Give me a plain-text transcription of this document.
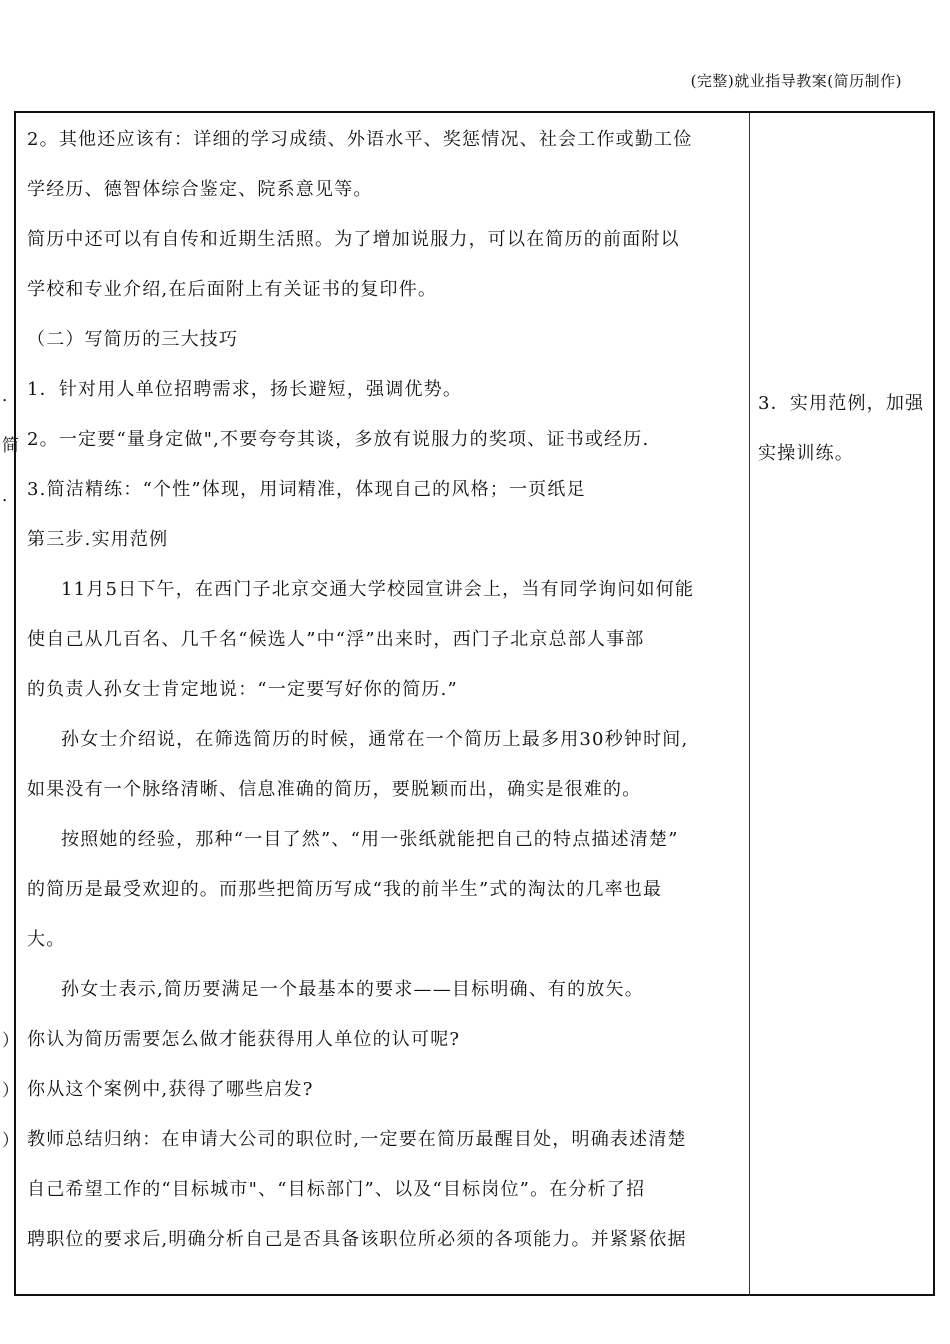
(完整)就业指导教案(简历制作)
．
简
．
）
）
）
2。其他还应该有：详细的学习成绩、外语水平、奖惩情况、社会工作或勤工俭
学经历、德智体综合鉴定、院系意见等。
简历中还可以有自传和近期生活照。为了增加说服力，可以在简历的前面附以
学校和专业介绍,在后面附上有关证书的复印件。
（二）写简历的三大技巧
1．针对用人单位招聘需求，扬长避短，强调优势。
2。一定要“量身定做",不要夸夸其谈，多放有说服力的奖项、证书或经历.
3.简洁精练：“个性”体现，用词精准，体现自己的风格；一页纸足
第三步.实用范例
11月5日下午，在西门子北京交通大学校园宣讲会上，当有同学询问如何能
使自己从几百名、几千名“候选人”中“浮”出来时，西门子北京总部人事部
的负责人孙女士肯定地说：“一定要写好你的简历.”
孙女士介绍说，在筛选简历的时候，通常在一个简历上最多用30秒钟时间,
如果没有一个脉络清晰、信息准确的简历，要脱颖而出，确实是很难的。
按照她的经验，那种“一目了然”、“用一张纸就能把自己的特点描述清楚”
的简历是最受欢迎的。而那些把简历写成“我的前半生”式的淘汰的几率也最
大。
孙女士表示,简历要满足一个最基本的要求——目标明确、有的放矢。
你认为简历需要怎么做才能获得用人单位的认可呢?
你从这个案例中,获得了哪些启发?
教师总结归纳：在申请大公司的职位时,一定要在简历最醒目处，明确表述清楚
自己希望工作的“目标城市"、“目标部门”、以及“目标岗位”。在分析了招
聘职位的要求后,明确分析自己是否具备该职位所必须的各项能力。并紧紧依据
3．实用范例，加强
实操训练。
